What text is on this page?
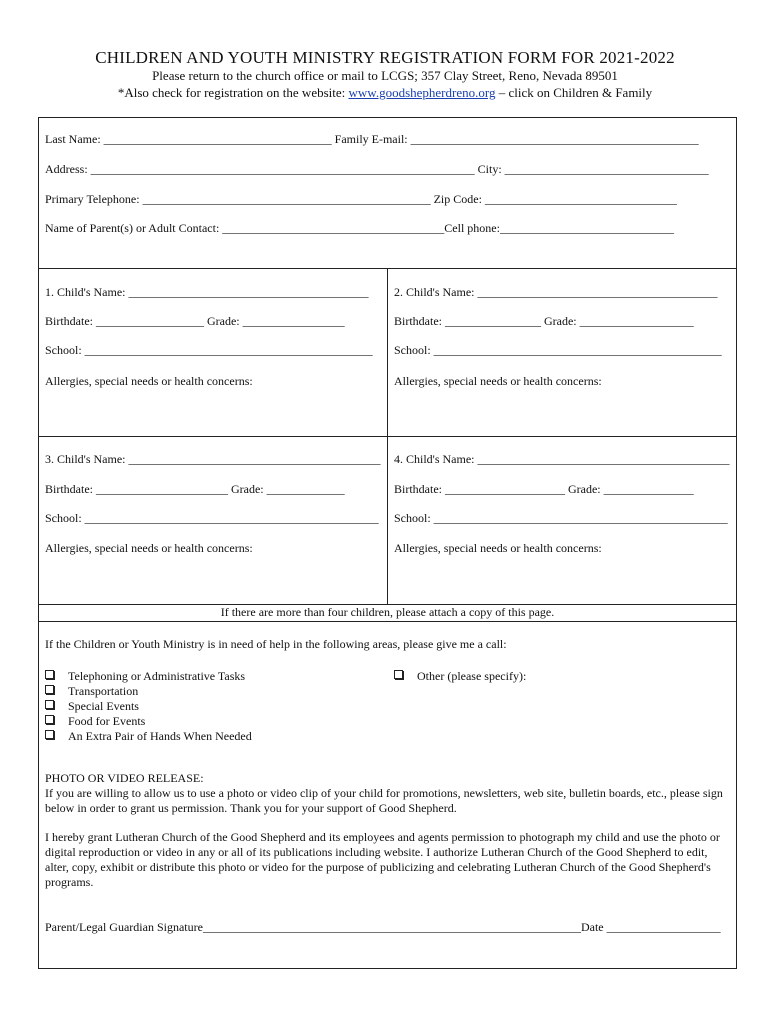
CHILDREN AND YOUTH MINISTRY REGISTRATION FORM FOR 2021-2022
Please return to the church office or mail to LCGS; 357 Clay Street, Reno, Nevada 89501
*Also check for registration on the website: www.goodshepherdreno.org – click on Children & Family
Last Name: ______________________________________ Family E-mail: ________________________________________________
Address: ________________________________________________________________ City: __________________________________
Primary Telephone: ________________________________________________ Zip Code: ________________________________
Name of Parent(s) or Adult Contact: _____________________________________Cell phone:_____________________________
1. Child's Name: ________________________________________
Birthdate: __________________ Grade: _________________
School: ________________________________________________
Allergies, special needs or health concerns:
2. Child's Name: ________________________________________
Birthdate: ________________ Grade: ___________________
School: ________________________________________________
Allergies, special needs or health concerns:
3. Child's Name: __________________________________________
Birthdate: ______________________ Grade: _____________
School: _________________________________________________
Allergies, special needs or health concerns:
4. Child's Name: __________________________________________
Birthdate: ____________________ Grade: _______________
School: _________________________________________________
Allergies, special needs or health concerns:
If there are more than four children, please attach a copy of this page.
If the Children or Youth Ministry is in need of help in the following areas, please give me a call:
Telephoning or Administrative Tasks
Transportation
Special Events
Food for Events
An Extra Pair of Hands When Needed
Other (please specify):
PHOTO OR VIDEO RELEASE:
If you are willing to allow us to use a photo or video clip of your child for promotions, newsletters, web site, bulletin boards, etc., please sign below in order to grant us permission. Thank you for your support of Good Shepherd.
I hereby grant Lutheran Church of the Good Shepherd and its employees and agents permission to photograph my child and use the photo or digital reproduction or video in any or all of its publications including website. I authorize Lutheran Church of the Good Shepherd to edit, alter, copy, exhibit or distribute this photo or video for the purpose of publicizing and celebrating Lutheran Church of the Good Shepherd's programs.
Parent/Legal Guardian Signature_______________________________________________________________Date ___________________
